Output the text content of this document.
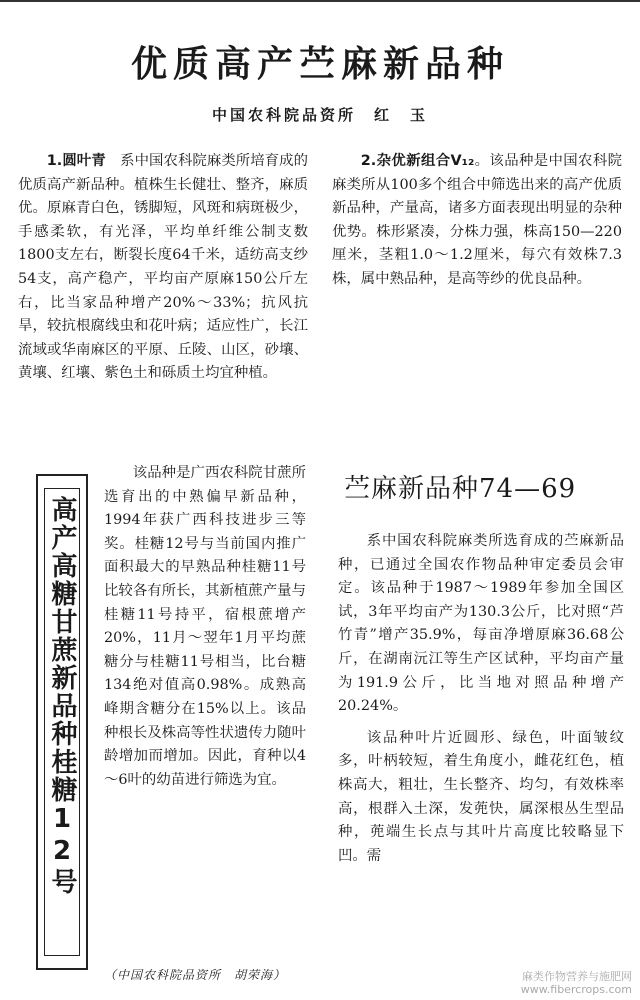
优质高产苎麻新品种
中国农科院品资所　红　玉

1.圆叶青　 系中国农科院麻类所培育成的优质高产新品种。植株生长健壮、整齐，麻质优。原麻青白色，锈脚短，风斑和病斑极少，手感柔软，有光泽，平均单纤维公制支数1800支左右，断裂长度64千米，适纺高支纱54支，高产稳产，平均亩产原麻150公斤左右，比当家品种增产20%～33%；抗风抗旱，较抗根腐线虫和花叶病；适应性广，长江流域或华南麻区的平原、丘陵、山区，砂壤、黄壤、红壤、紫色土和砾质土均宜种植。

2.杂优新组合V₁₂。该品种是中国农科院麻类所从100多个组合中筛选出来的高产优质新品种，产量高，诸多方面表现出明显的杂种优势。株形紧凑，分株力强，株高150—220厘米，茎粗1.0～1.2厘米，每穴有效株7.3株，属中熟品种，是高等纱的优良品种。

高产高糖甘蔗新品种桂糖12号

该品种是广西农科院甘蔗所选育出的中熟偏早新品种，1994年获广西科技进步三等奖。桂糖12号与当前国内推广面积最大的早熟品种桂糖11号比较各有所长，其新植蔗产量与桂糖11号持平，宿根蔗增产20%，11月～翌年1月平均蔗糖分与桂糖11号相当，比台糖134绝对值高0.98%。成熟高峰期含糖分在15%以上。该品种根长及株高等性状遗传力随叶龄增加而增加。因此，育种以4～6叶的幼苗进行筛选为宜。

（中国农科院品资所　胡荣海）
苎麻新品种74—69

系中国农科院麻类所选育成的苎麻新品种，已通过全国农作物品种审定委员会审定。该品种于1987～1989年参加全国区试，3年平均亩产为130.3公斤，比对照“芦竹青”增产35.9%，每亩净增原麻36.68公斤，在湖南沅江等生产区试种，平均亩产量为191.9公斤，比当地对照品种增产20.24%。

该品种叶片近圆形、绿色，叶面皱纹多，叶柄较短，着生角度小，雌花红色，植株高大，粗壮，生长整齐、均匀，有效株率高，根群入土深，发蔸快，属深根丛生型品种，蔸端生长点与其叶片高度比较略显下凹。需

麻类作物营养与施肥网
www.fibercrops.com
